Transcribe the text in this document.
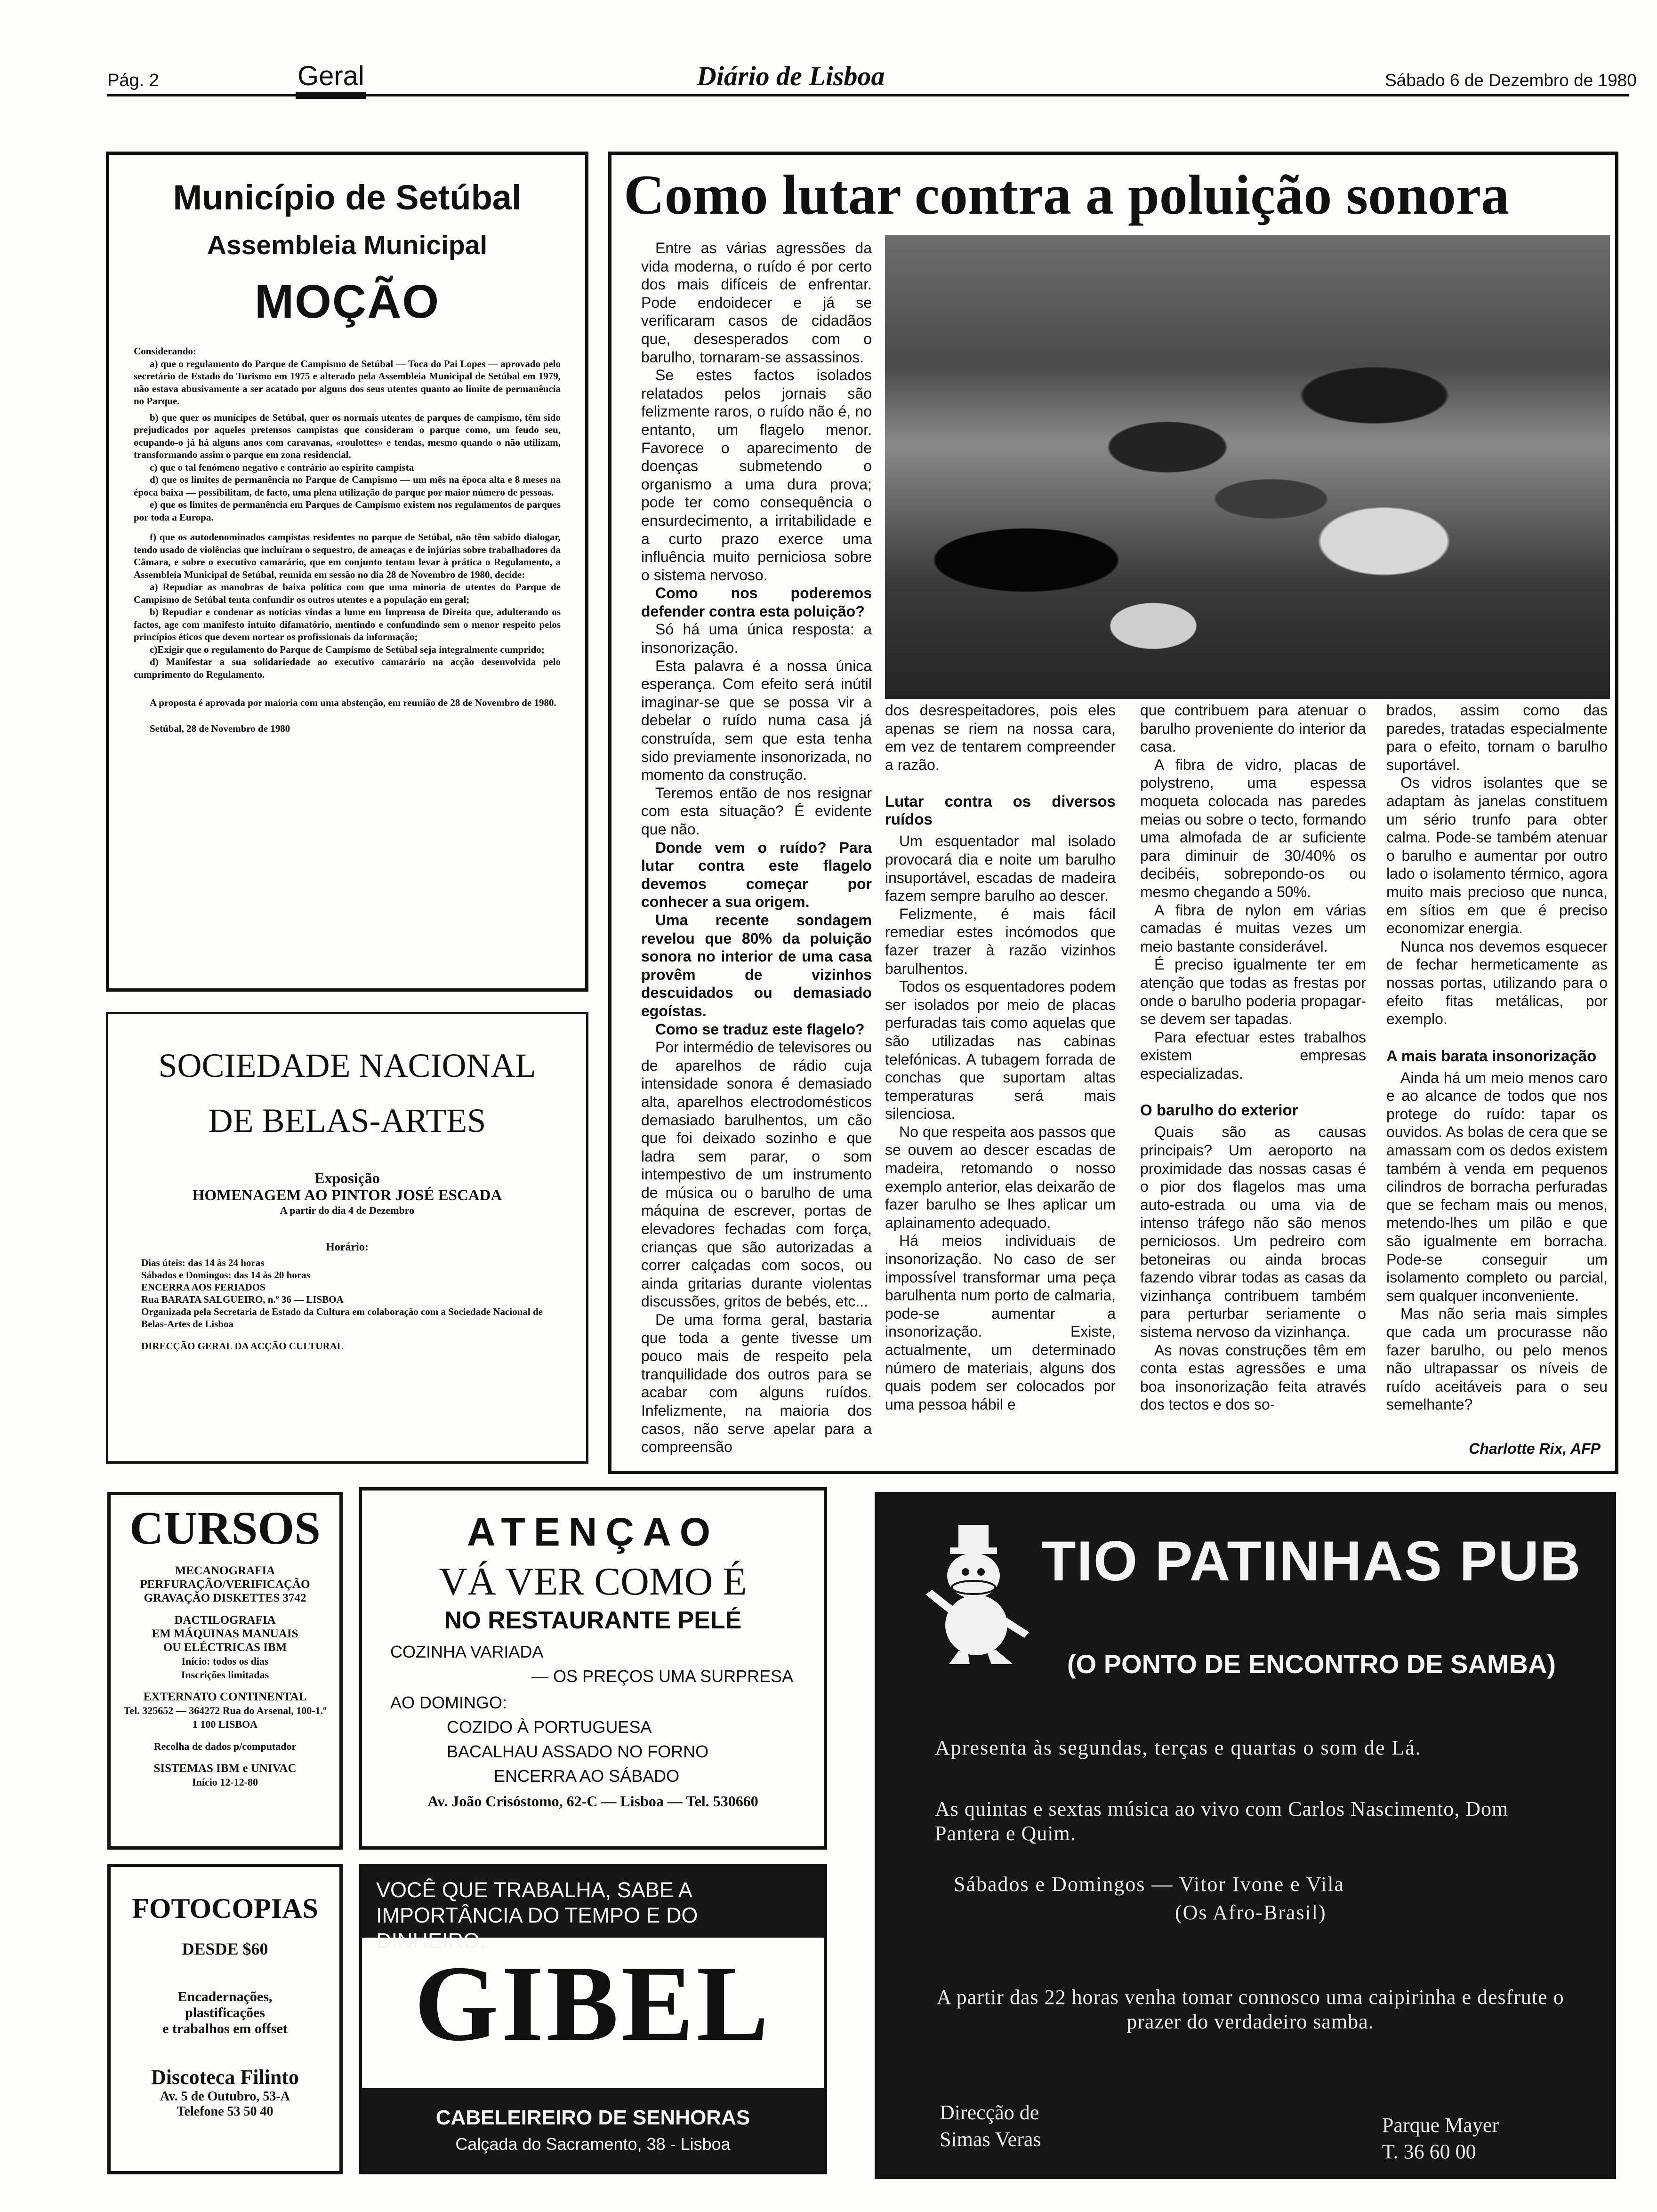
Pág. 2	Geral	Diário de Lisboa	Sábado 6 de Dezembro de 1980
Município de Setúbal
Assembleia Municipal
MOÇÃO

Considerando:

a) que o regulamento do Parque de Campismo de Setúbal — Toca do Pai Lopes — aprovado pelo secretário de Estado do Turismo em 1975 e alterado pela Assembleia Municipal de Setúbal em 1979, não estava abusivamente a ser acatado por alguns dos seus utentes quanto ao limite de permanência no Parque.

b) que quer os munícipes de Setúbal, quer os normais utentes de parques de campismo, têm sido prejudicados por aqueles pretensos campistas que consideram o parque como, um feudo seu, ocupando-o já há alguns anos com caravanas, «roulottes» e tendas, mesmo quando o não utilizam, transformando assim o parque em zona residencial.

c) que o tal fenómeno negativo e contrário ao espírito campista

d) que os limites de permanência no Parque de Campismo — um mês na época alta e 8 meses na época baixa — possibilitam, de facto, uma plena utilização do parque por maior número de pessoas.

e) que os limites de permanência em Parques de Campismo existem nos regulamentos de parques por toda a Europa.

f) que os autodenominados campistas residentes no parque de Setúbal, não têm sabido dialogar, tendo usado de violências que incluíram o sequestro, de ameaças e de injúrias sobre trabalhadores da Câmara, e sobre o executivo camarário, que em conjunto tentam levar à prática o Regulamento, a Assembleia Municipal de Setúbal, reunida em sessão no dia 28 de Novembro de 1980, decide:

a) Repudiar as manobras de baixa política com que uma minoria de utentes do Parque de Campismo de Setúbal tenta confundir os outros utentes e a população em geral;

b) Repudiar e condenar as notícias vindas a lume em Imprensa de Direita que, adulterando os factos, age com manifesto intuito difamatório, mentindo e confundindo sem o menor respeito pelos princípios éticos que devem nortear os profissionais da informação;

c)Exigir que o regulamento do Parque de Campismo de Setúbal seja integralmente cumprido;

d) Manifestar a sua solidariedade ao executivo camarário na acção desenvolvida pelo cumprimento do Regulamento.

A proposta é aprovada por maioria com uma abstenção, em reunião de 28 de Novembro de 1980.

Setúbal, 28 de Novembro de 1980

SOCIEDADE NACIONAL
DE BELAS-ARTES
Exposição
HOMENAGEM AO PINTOR JOSÉ ESCADA
A partir do dia 4 de Dezembro
Horário:
Dias úteis: das 14 às 24 horas
Sábados e Domingos: das 14 às 20 horas
ENCERRA AOS FERIADOS
Rua BARATA SALGUEIRO, n.º 36 — LISBOA
Organizada pela Secretaria de Estado da Cultura em colaboração com a Sociedade Nacional de Belas-Artes de Lisboa
DIRECÇÃO GERAL DA ACÇÃO CULTURAL
Como lutar contra a poluição sonora

Entre as várias agressões da vida moderna, o ruído é por certo dos mais difíceis de enfrentar. Pode endoidecer e já se verificaram casos de cidadãos que, desesperados com o barulho, tornaram-se assassinos.

Se estes factos isolados relatados pelos jornais são felizmente raros, o ruído não é, no entanto, um flagelo menor. Favorece o aparecimento de doenças submetendo o organismo a uma dura prova; pode ter como consequência o ensurdecimento, a irritabilidade e a curto prazo exerce uma influência muito perniciosa sobre o sistema nervoso.

Como nos poderemos defender contra esta poluição?

Só há uma única resposta: a insonorização.

Esta palavra é a nossa única esperança. Com efeito será inútil imaginar-se que se possa vir a debelar o ruído numa casa já construída, sem que esta tenha sido previamente insonorizada, no momento da construção.

Teremos então de nos resignar com esta situação? É evidente que não.

Donde vem o ruído? Para lutar contra este flagelo devemos começar por conhecer a sua origem.

Uma recente sondagem revelou que 80% da poluição sonora no interior de uma casa provêm de vizinhos descuidados ou demasiado egoístas.

Como se traduz este flagelo?

Por intermédio de televisores ou de aparelhos de rádio cuja intensidade sonora é demasiado alta, aparelhos electrodomésticos demasiado barulhentos, um cão que foi deixado sozinho e que ladra sem parar, o som intempestivo de um instrumento de música ou o barulho de uma máquina de escrever, portas de elevadores fechadas com força, crianças que são autorizadas a correr calçadas com socos, ou ainda gritarias durante violentas discussões, gritos de bebés, etc...

De uma forma geral, bastaria que toda a gente tivesse um pouco mais de respeito pela tranquilidade dos outros para se acabar com alguns ruídos. Infelizmente, na maioria dos casos, não serve apelar para a compreensão

dos desrespeitadores, pois eles apenas se riem na nossa cara, em vez de tentarem compreender a razão.

Lutar contra os diversos ruídos

Um esquentador mal isolado provocará dia e noite um barulho insuportável, escadas de madeira fazem sempre barulho ao descer.

Felizmente, é mais fácil remediar estes incómodos que fazer trazer à razão vizinhos barulhentos.

Todos os esquentadores podem ser isolados por meio de placas perfuradas tais como aquelas que são utilizadas nas cabinas telefónicas. A tubagem forrada de conchas que suportam altas temperaturas será mais silenciosa.

No que respeita aos passos que se ouvem ao descer escadas de madeira, retomando o nosso exemplo anterior, elas deixarão de fazer barulho se lhes aplicar um aplainamento adequado.

Há meios individuais de insonorização. No caso de ser impossível transformar uma peça barulhenta num porto de calmaria, pode-se aumentar a insonorização. Existe, actualmente, um determinado número de materiais, alguns dos quais podem ser colocados por uma pessoa hábil e

que contribuem para atenuar o barulho proveniente do interior da casa.

A fibra de vidro, placas de polystreno, uma espessa moqueta colocada nas paredes meias ou sobre o tecto, formando uma almofada de ar suficiente para diminuir de 30/40% os decibéis, sobrepondo-os ou mesmo chegando a 50%.

A fibra de nylon em várias camadas é muitas vezes um meio bastante considerável.

É preciso igualmente ter em atenção que todas as frestas por onde o barulho poderia propagar-se devem ser tapadas.

Para efectuar estes trabalhos existem empresas especializadas.

O barulho do exterior

Quais são as causas principais? Um aeroporto na proximidade das nossas casas é o pior dos flagelos mas uma auto-estrada ou uma via de intenso tráfego não são menos perniciosos. Um pedreiro com betoneiras ou ainda brocas fazendo vibrar todas as casas da vizinhança contribuem também para perturbar seriamente o sistema nervoso da vizinhança.

As novas construções têm em conta estas agressões e uma boa insonorização feita através dos tectos e dos so-

brados, assim como das paredes, tratadas especialmente para o efeito, tornam o barulho suportável.

Os vidros isolantes que se adaptam às janelas constituem um sério trunfo para obter calma. Pode-se também atenuar o barulho e aumentar por outro lado o isolamento térmico, agora muito mais precioso que nunca, em sítios em que é preciso economizar energia.

Nunca nos devemos esquecer de fechar hermeticamente as nossas portas, utilizando para o efeito fitas metálicas, por exemplo.

A mais barata insonorização

Ainda há um meio menos caro e ao alcance de todos que nos protege do ruído: tapar os ouvidos. As bolas de cera que se amassam com os dedos existem também à venda em pequenos cilindros de borracha perfuradas que se fecham mais ou menos, metendo-lhes um pilão e que são igualmente em borracha. Pode-se conseguir um isolamento completo ou parcial, sem qualquer inconveniente.

Mas não seria mais simples que cada um procurasse não fazer barulho, ou pelo menos não ultrapassar os níveis de ruído aceitáveis para o seu semelhante?

Charlotte Rix, AFP
CURSOS
MECANOGRAFIA
PERFURAÇÃO/VERIFICAÇÃO
GRAVAÇÃO DISKETTES 3742
DACTILOGRAFIA
EM MÁQUINAS MANUAIS
OU ELÉCTRICAS IBM
Início: todos os dias
Inscrições limitadas
EXTERNATO CONTINENTAL
Tel. 325652 — 364272 Rua do Arsenal, 100-1.º
1 100 LISBOA
Recolha de dados p/computador
SISTEMAS IBM e UNIVAC
Início 12-12-80
ATENÇAO
VÁ VER COMO É
NO RESTAURANTE PELÉ
COZINHA VARIADA
— OS PREÇOS UMA SURPRESA
AO DOMINGO:
COZIDO À PORTUGUESA
BACALHAU ASSADO NO FORNO
ENCERRA AO SÁBADO
Av. João Crisóstomo, 62-C — Lisboa — Tel. 530660
FOTOCOPIAS
DESDE $60
Encadernações,
plastificações
e trabalhos em offset
Discoteca Filinto
Av. 5 de Outubro, 53-A
Telefone 53 50 40
VOCÊ QUE TRABALHA, SABE A IMPORTÂNCIA DO TEMPO E DO DINHEIRO.
GIBEL
CABELEIREIRO DE SENHORAS
Calçada do Sacramento, 38 - Lisboa
TIO PATINHAS PUB
(O PONTO DE ENCONTRO DE SAMBA)
Apresenta às segundas, terças e quartas o som de Lá.
As quintas e sextas música ao vivo com Carlos Nascimento, Dom Pantera e Quim.
Sábados e Domingos — Vitor Ivone e Vila
(Os Afro-Brasil)
A partir das 22 horas venha tomar connosco uma caipirinha e desfrute o prazer do verdadeiro samba.
Direcção de
Simas Veras
Parque Mayer
T. 36 60 00
